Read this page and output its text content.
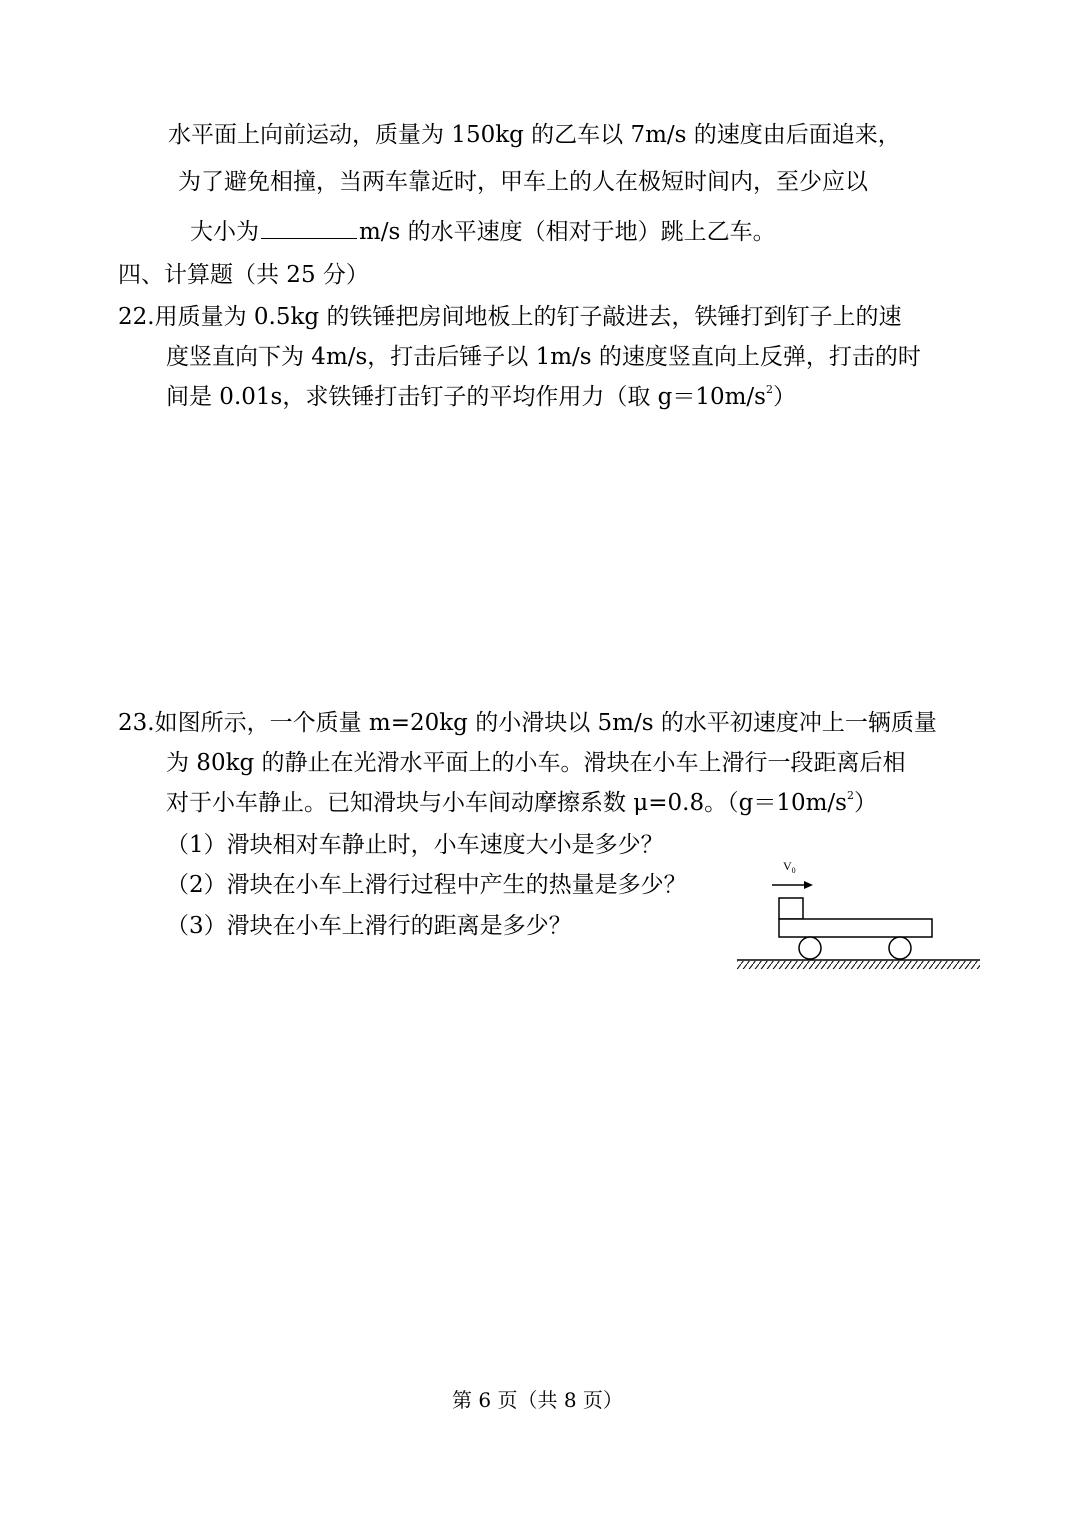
水平面上向前运动，质量为 150kg 的乙车以 7m/s 的速度由后面追来，
为了避免相撞，当两车靠近时，甲车上的人在极短时间内，至少应以
大小为	m/s 的水平速度（相对于地）跳上乙车。
四、计算题（共 25 分）
22.用质量为 0.5kg 的铁锤把房间地板上的钉子敲进去，铁锤打到钉子上的速
度竖直向下为 4m/s，打击后锤子以 1m/s 的速度竖直向上反弹，打击的时
间是 0.01s，求铁锤打击钉子的平均作用力（取 $g=10m/s^2$）
23.如图所示，一个质量 m=20kg 的小滑块以 5m/s 的水平初速度冲上一辆质量
为 80kg 的静止在光滑水平面上的小车。滑块在小车上滑行一段距离后相
对于小车静止。已知滑块与小车间动摩擦系数 μ=0.8。$(g=10m/s^2)$
（1）滑块相对车静止时，小车速度大小是多少？
（2）滑块在小车上滑行过程中产生的热量是多少？
（3）滑块在小车上滑行的距离是多少？
$V_0$
第 6 页（共 8 页）
